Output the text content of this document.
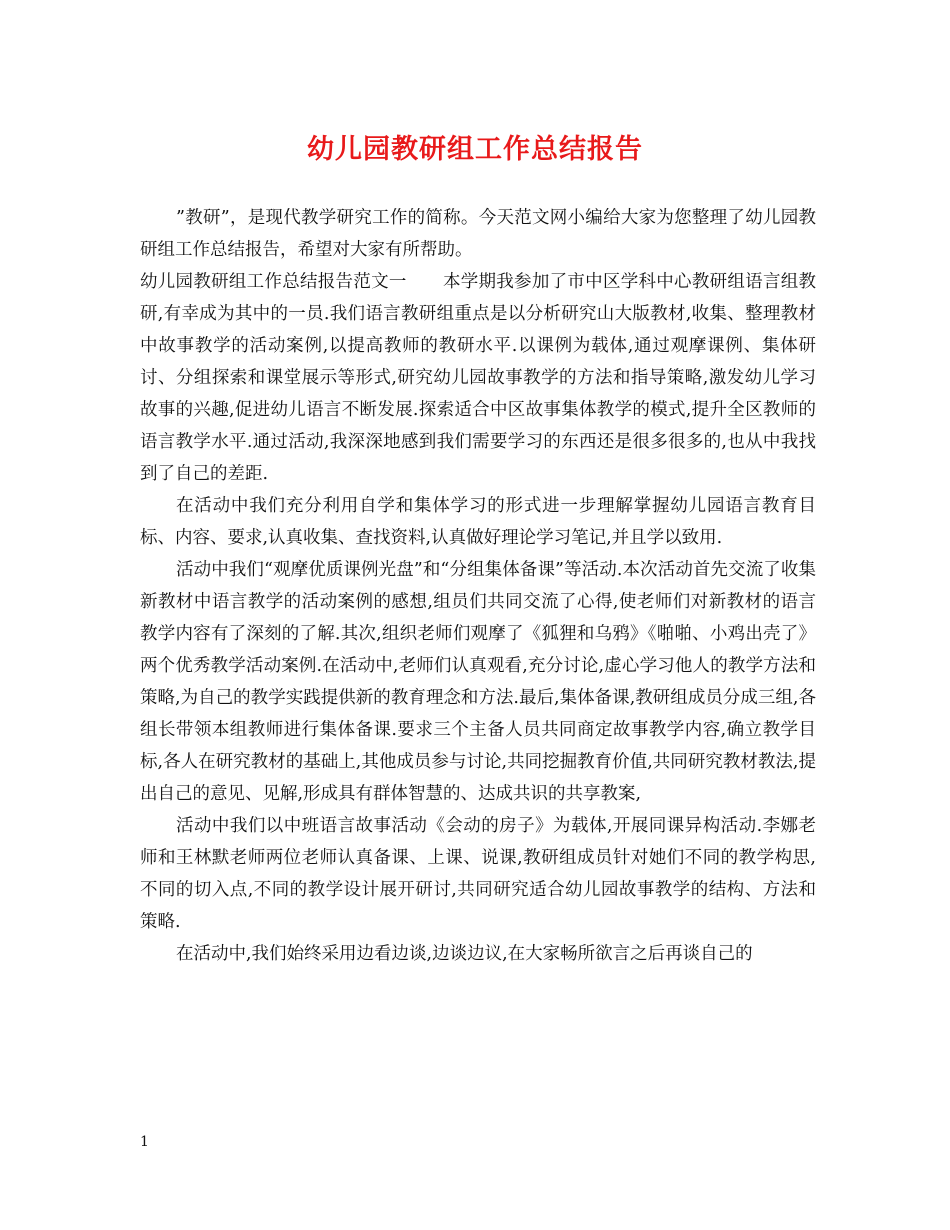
幼儿园教研组工作总结报告

”教研”，是现代教学研究工作的简称。今天范文网小编给大家为您整理了幼儿园教研组工作总结报告，希望对大家有所帮助。

幼儿园教研组工作总结报告范文一 本学期我参加了市中区学科中心教研组语言组教研,有幸成为其中的一员.我们语言教研组重点是以分析研究山大版教材,收集、整理教材中故事教学的活动案例,以提高教师的教研水平.以课例为载体,通过观摩课例、集体研讨、分组探索和课堂展示等形式,研究幼儿园故事教学的方法和指导策略,激发幼儿学习故事的兴趣,促进幼儿语言不断发展.探索适合中区故事集体教学的模式,提升全区教师的语言教学水平.通过活动,我深深地感到我们需要学习的东西还是很多很多的,也从中我找到了自己的差距.

在活动中我们充分利用自学和集体学习的形式进一步理解掌握幼儿园语言教育目标、内容、要求,认真收集、查找资料,认真做好理论学习笔记,并且学以致用.

活动中我们“观摩优质课例光盘”和“分组集体备课”等活动.本次活动首先交流了收集新教材中语言教学的活动案例的感想,组员们共同交流了心得,使老师们对新教材的语言教学内容有了深刻的了解.其次,组织老师们观摩了《狐狸和乌鸦》《啪啪、小鸡出壳了》两个优秀教学活动案例.在活动中,老师们认真观看,充分讨论,虚心学习他人的教学方法和策略,为自己的教学实践提供新的教育理念和方法.最后,集体备课,教研组成员分成三组,各组长带领本组教师进行集体备课.要求三个主备人员共同商定故事教学内容,确立教学目标,各人在研究教材的基础上,其他成员参与讨论,共同挖掘教育价值,共同研究教材教法,提出自己的意见、见解,形成具有群体智慧的、达成共识的共享教案,

活动中我们以中班语言故事活动《会动的房子》为载体,开展同课异构活动.李娜老师和王林默老师两位老师认真备课、上课、说课,教研组成员针对她们不同的教学构思,不同的切入点,不同的教学设计展开研讨,共同研究适合幼儿园故事教学的结构、方法和策略.

在活动中,我们始终采用边看边谈,边谈边议,在大家畅所欲言之后再谈自己的

1
